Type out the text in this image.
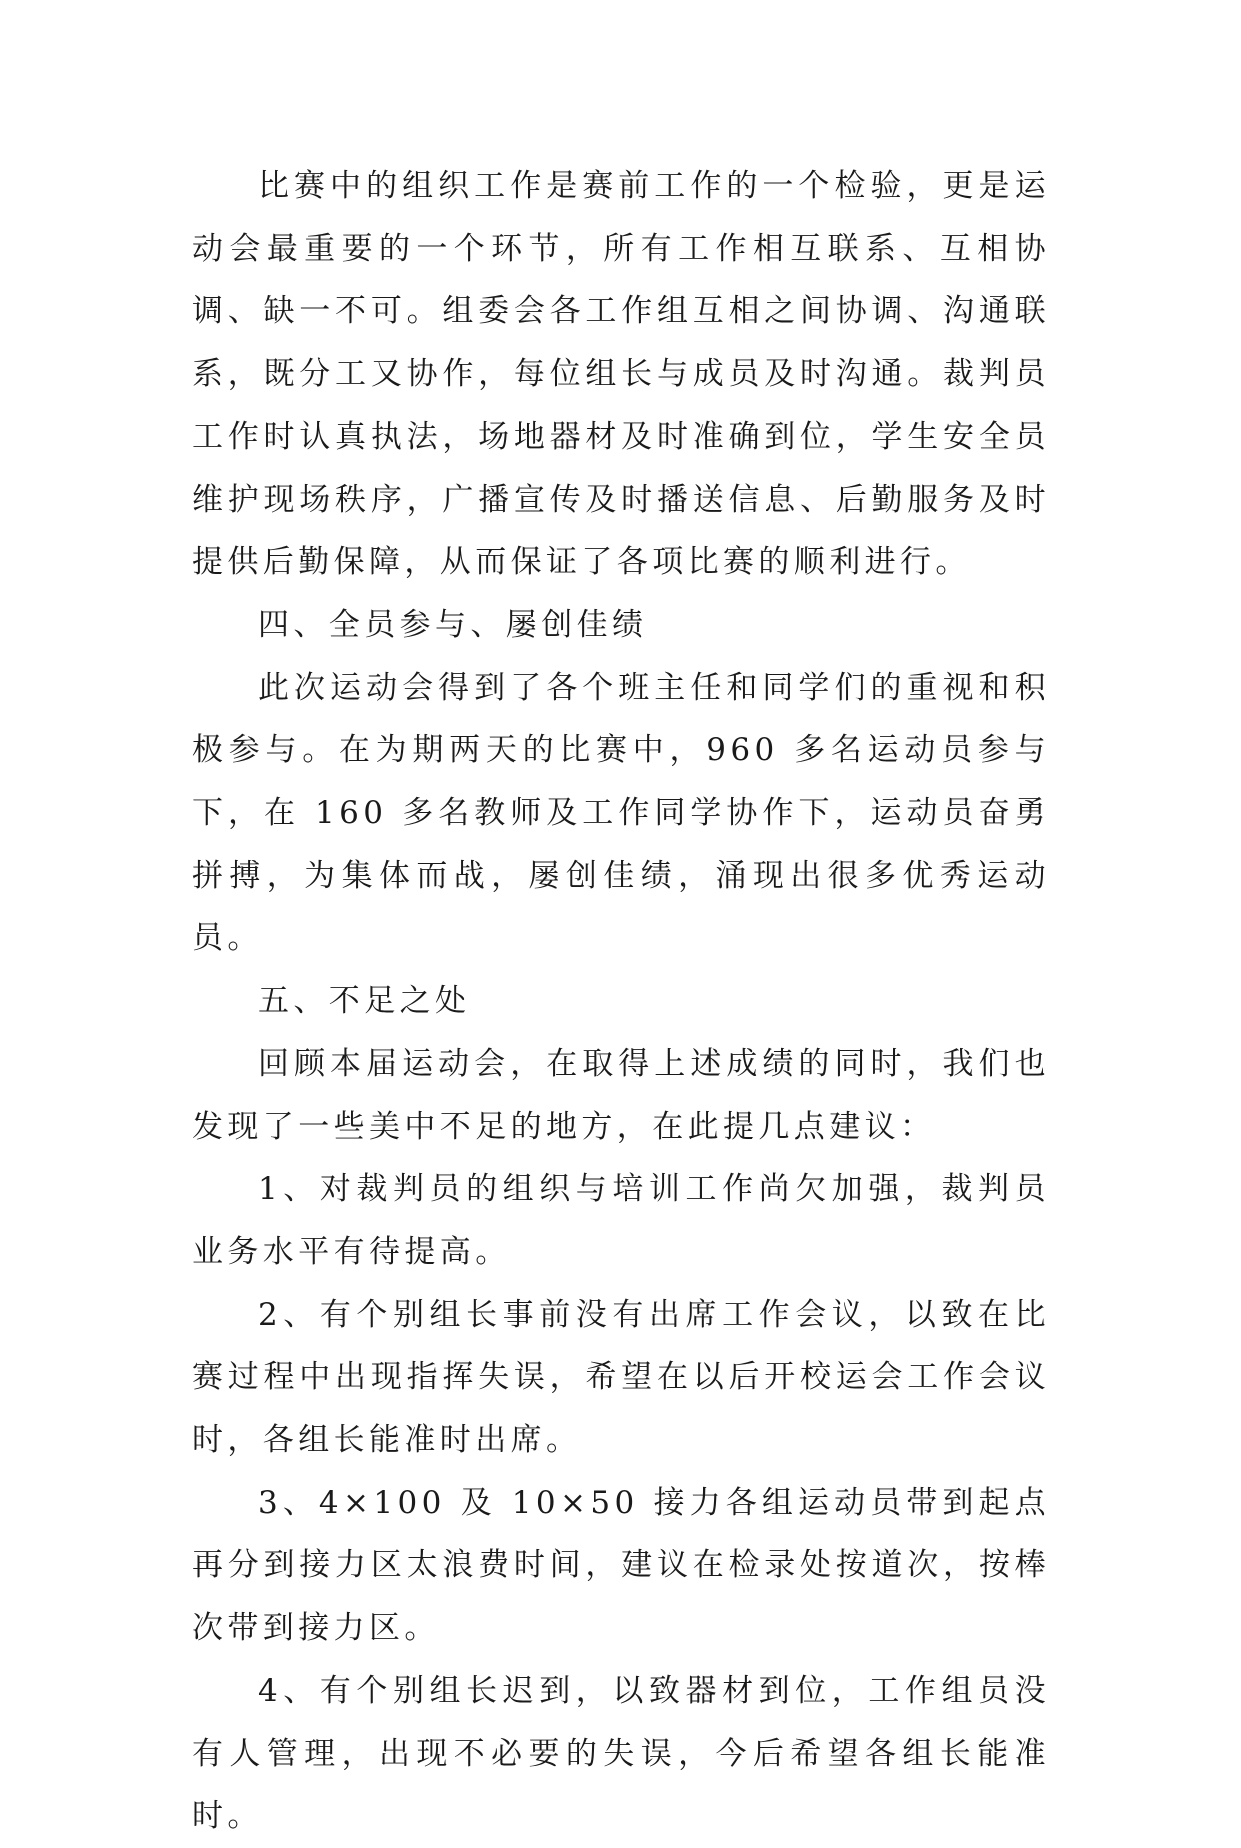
比赛中的组织工作是赛前工作的一个检验，更是运动会最重要的一个环节，所有工作相互联系、互相协调、缺一不可。组委会各工作组互相之间协调、沟通联系，既分工又协作，每位组长与成员及时沟通。裁判员工作时认真执法，场地器材及时准确到位，学生安全员维护现场秩序，广播宣传及时播送信息、后勤服务及时提供后勤保障，从而保证了各项比赛的顺利进行。

四、全员参与、屡创佳绩

此次运动会得到了各个班主任和同学们的重视和积极参与。在为期两天的比赛中，960 多名运动员参与下，在 160 多名教师及工作同学协作下，运动员奋勇拼搏，为集体而战，屡创佳绩，涌现出很多优秀运动员。

五、不足之处

回顾本届运动会，在取得上述成绩的同时，我们也发现了一些美中不足的地方，在此提几点建议：

1、对裁判员的组织与培训工作尚欠加强，裁判员业务水平有待提高。

2、有个别组长事前没有出席工作会议，以致在比赛过程中出现指挥失误，希望在以后开校运会工作会议时，各组长能准时出席。

3、4×100 及 10×50 接力各组运动员带到起点再分到接力区太浪费时间，建议在检录处按道次，按棒次带到接力区。

4、有个别组长迟到，以致器材到位，工作组员没有人管理，出现不必要的失误，今后希望各组长能准时。
